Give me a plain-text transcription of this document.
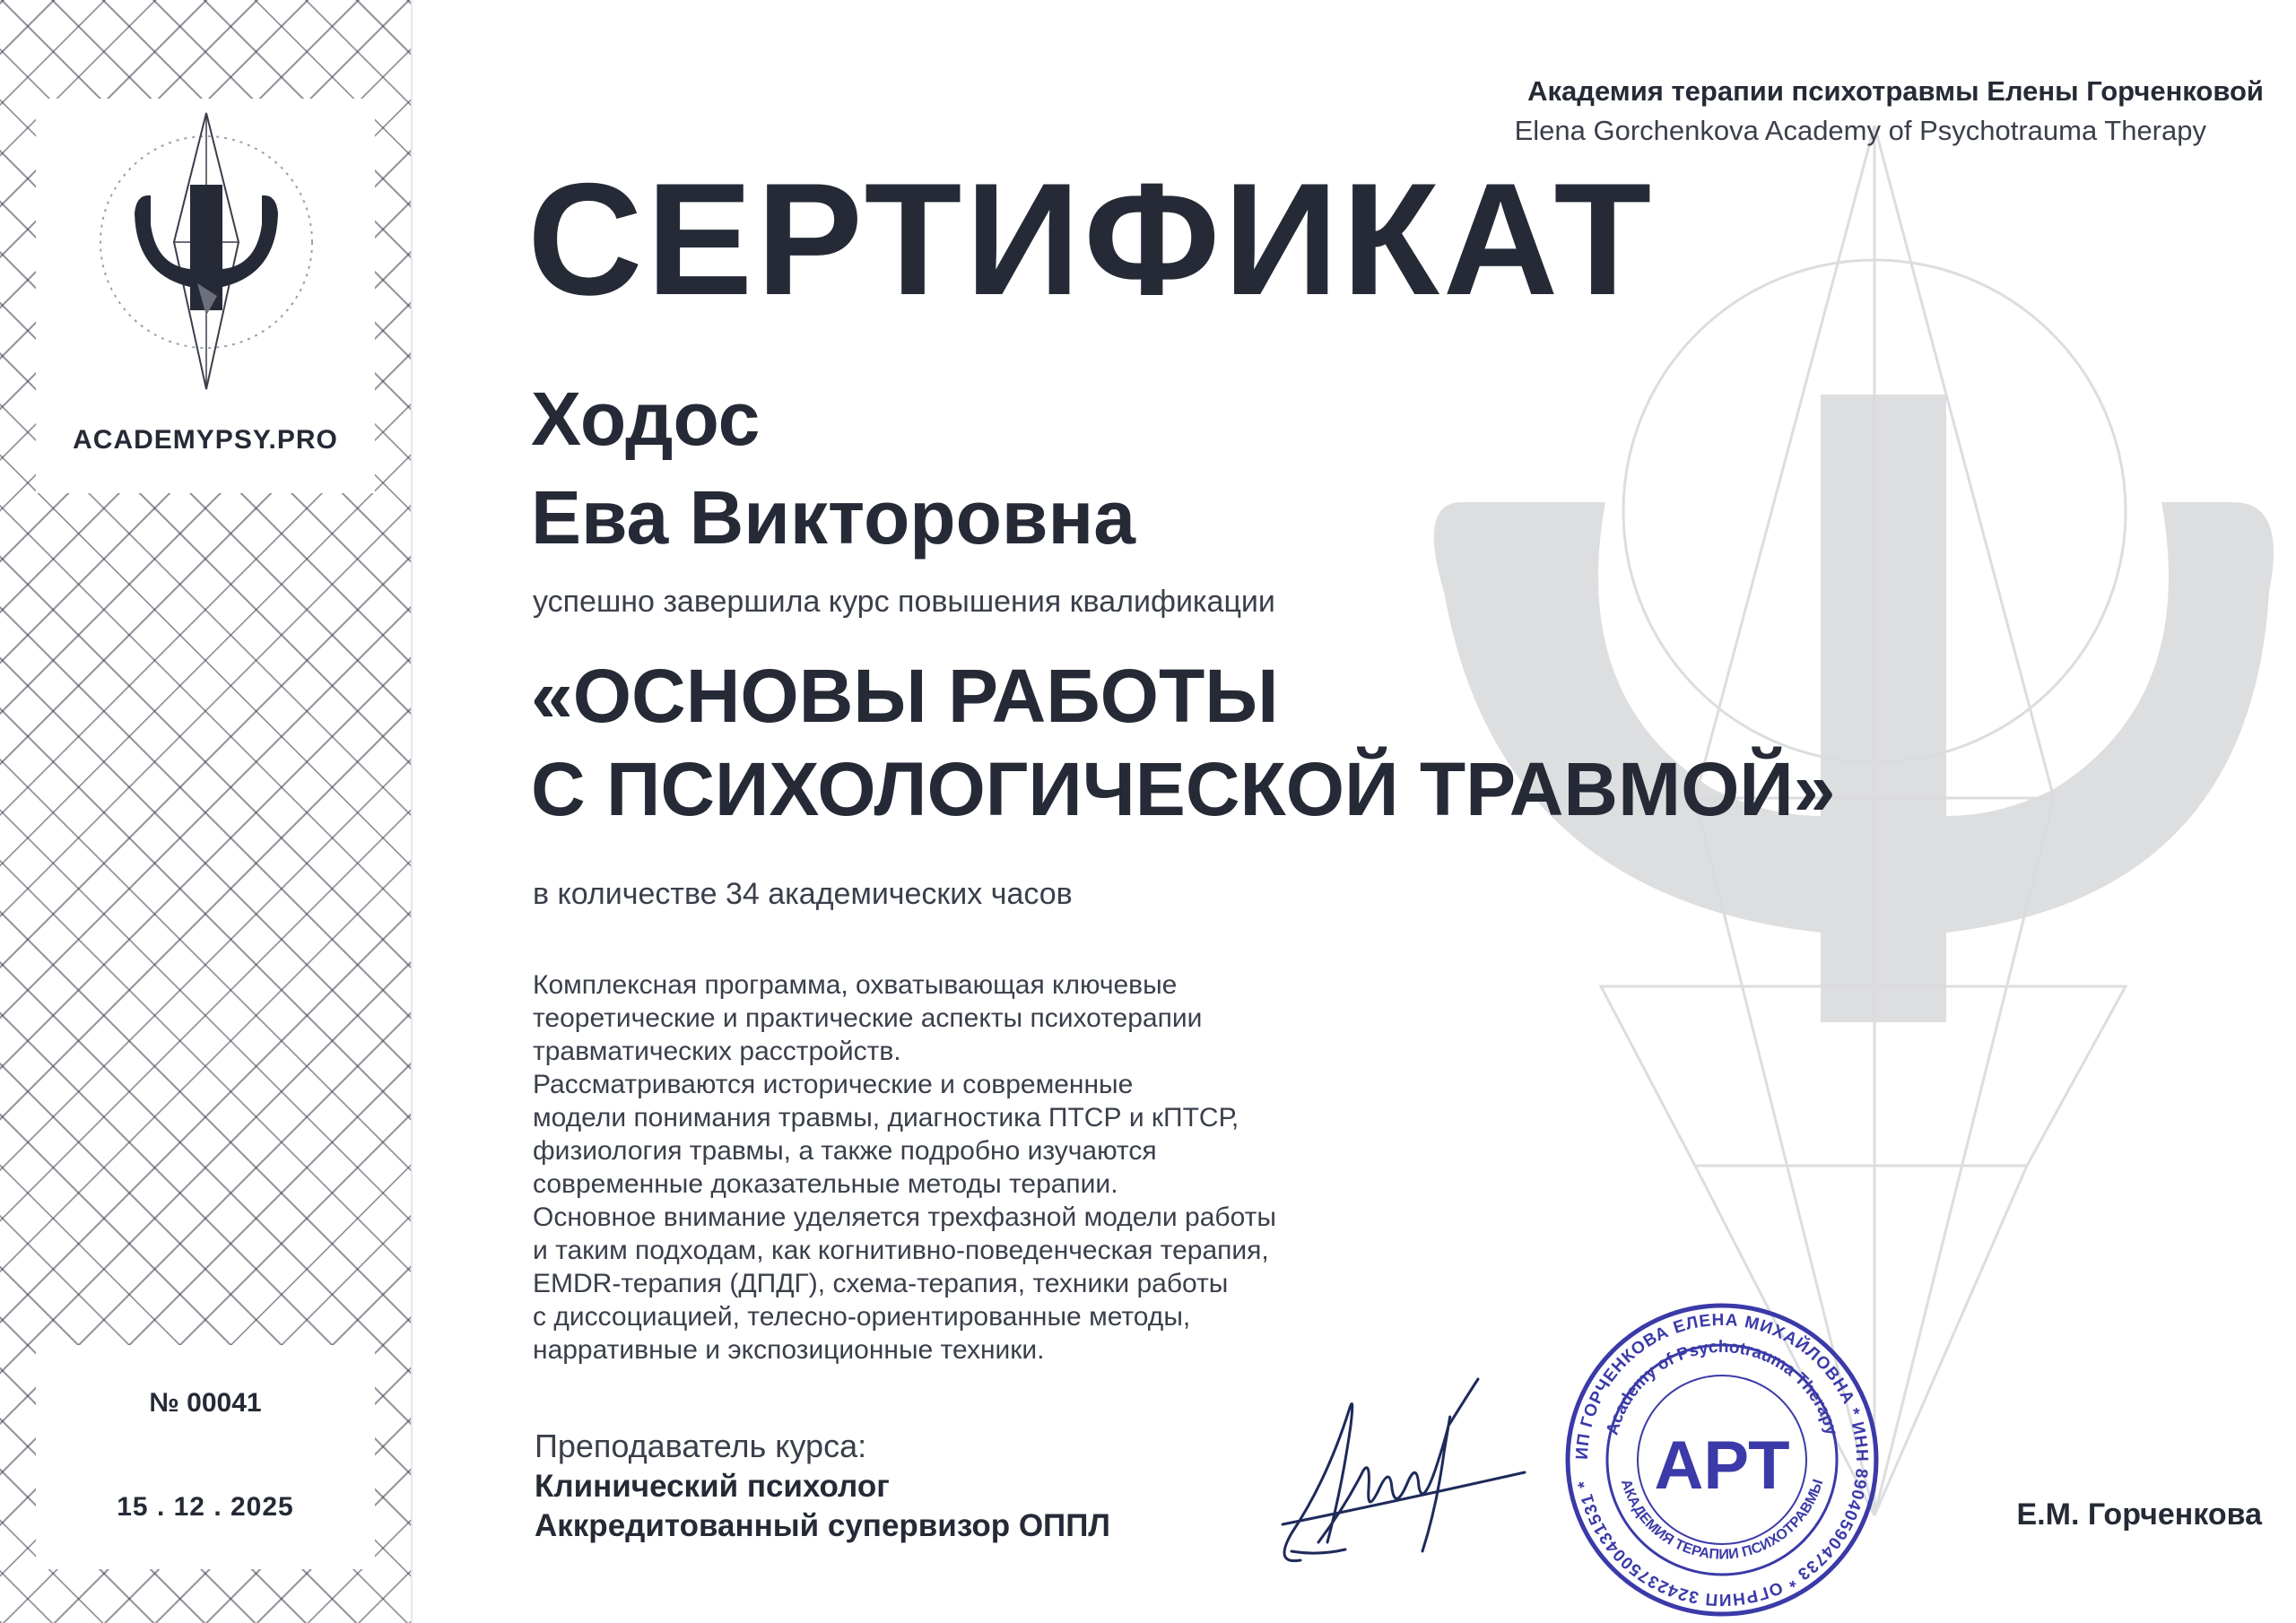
ACADEMYPSY.PRO
№ 00041
15 . 12 . 2025
Академия терапии психотравмы Елены Горченковой
Elena Gorchenkova Academy of Psychotrauma Therapy
СЕРТИФИКАТ
Ходос
Ева Викторовна
успешно завершила курс повышения квалификации
«ОСНОВЫ РАБОТЫ
С ПСИХОЛОГИЧЕСКОЙ ТРАВМОЙ»
в количестве 34 академических часов
Комплексная программа, охватывающая ключевые
теоретические и практические аспекты психотерапии
травматических расстройств.
Рассматриваются исторические и современные
модели понимания травмы, диагностика ПТСР и кПТСР,
физиология травмы, а также подробно изучаются
современные доказательные методы терапии.
Основное внимание уделяется трехфазной модели работы
и таким подходам, как когнитивно-поведенческая терапия,
EMDR-терапия (ДПДГ), схема-терапия, техники работы
с диссоциацией, телесно-ориентированные методы,
нарративные и экспозиционные техники.
Преподаватель курса:
Клинический психолог
Аккредитованный супервизор ОППЛ
ИП ГОРЧЕНКОВА ЕЛЕНА МИХАЙЛОВНА * ИНН 890405904733 * ОГРНИП 324237500431531 *
Academy of Psychotrauma Therapy
АКАДЕМИЯ ТЕРАПИИ ПСИХОТРАВМЫ
АРТ
Е.М. Горченкова
